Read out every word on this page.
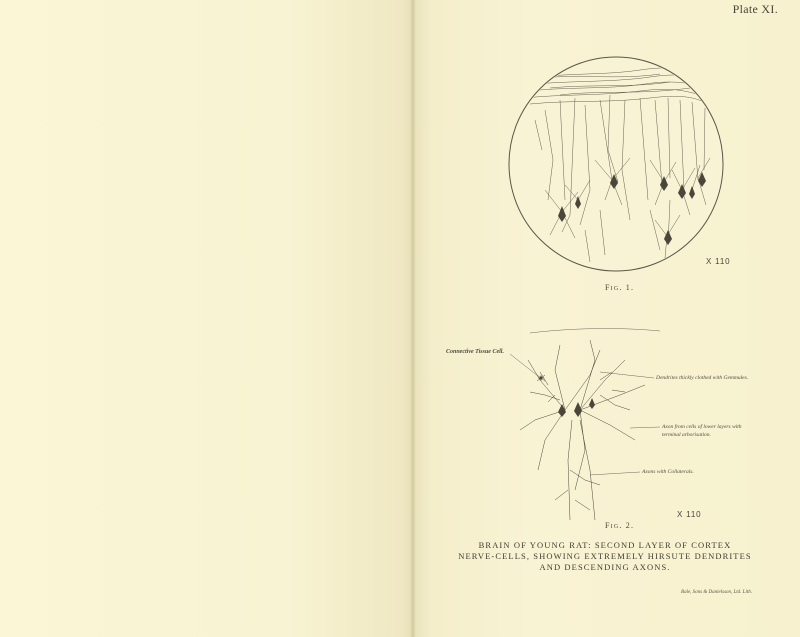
Plate XI.
X 110
Fig. 1.
Connective Tissue Cell.
Dendrites thickly clothed with Gemmules.
Axon from cells of lower layers with
terminal arborisation.
Axons with Collaterals.
X 110
Fig. 2.
BRAIN OF YOUNG RAT: SECOND LAYER OF CORTEX
NERVE-CELLS, SHOWING EXTREMELY HIRSUTE DENDRITES
AND DESCENDING AXONS.
Bale, Sons & Danielsson, Ltd. Lith.
